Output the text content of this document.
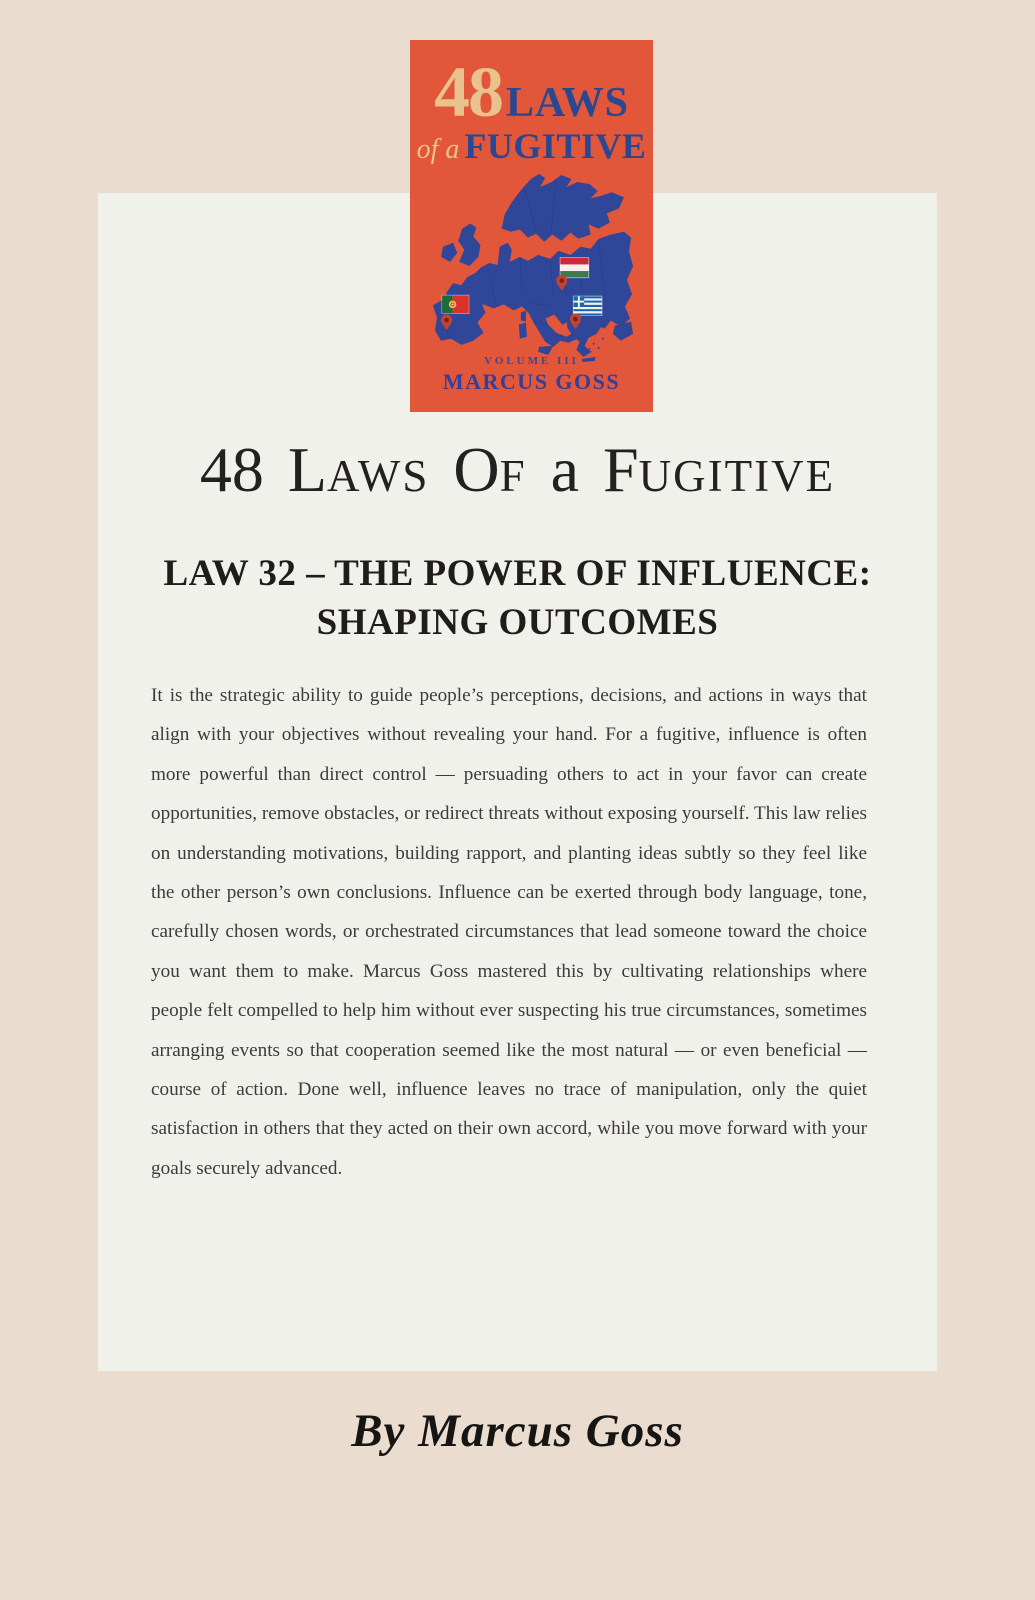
48LAWS
of a FUGITIVE
VOLUME III
MARCUS GOSS
48 LAWS OF a FUGITIVE
LAW 32 – THE POWER OF INFLUENCE:
SHAPING OUTCOMES
It is the strategic ability to guide people’s perceptions, decisions, and actions in ways that align with your objectives without revealing your hand. For a fugitive, influence is often more powerful than direct control — persuading others to act in your favor can create opportunities, remove obstacles, or redirect threats without exposing yourself. This law relies on understanding motivations, building rapport, and planting ideas subtly so they feel like the other person’s own conclusions. Influence can be exerted through body language, tone, carefully chosen words, or orchestrated circumstances that lead someone toward the choice you want them to make. Marcus Goss mastered this by cultivating relationships where people felt compelled to help him without ever suspecting his true circumstances, sometimes arranging events so that cooperation seemed like the most natural — or even beneficial — course of action. Done well, influence leaves no trace of manipulation, only the quiet satisfaction in others that they acted on their own accord, while you move forward with your goals securely advanced.
By Marcus Goss
